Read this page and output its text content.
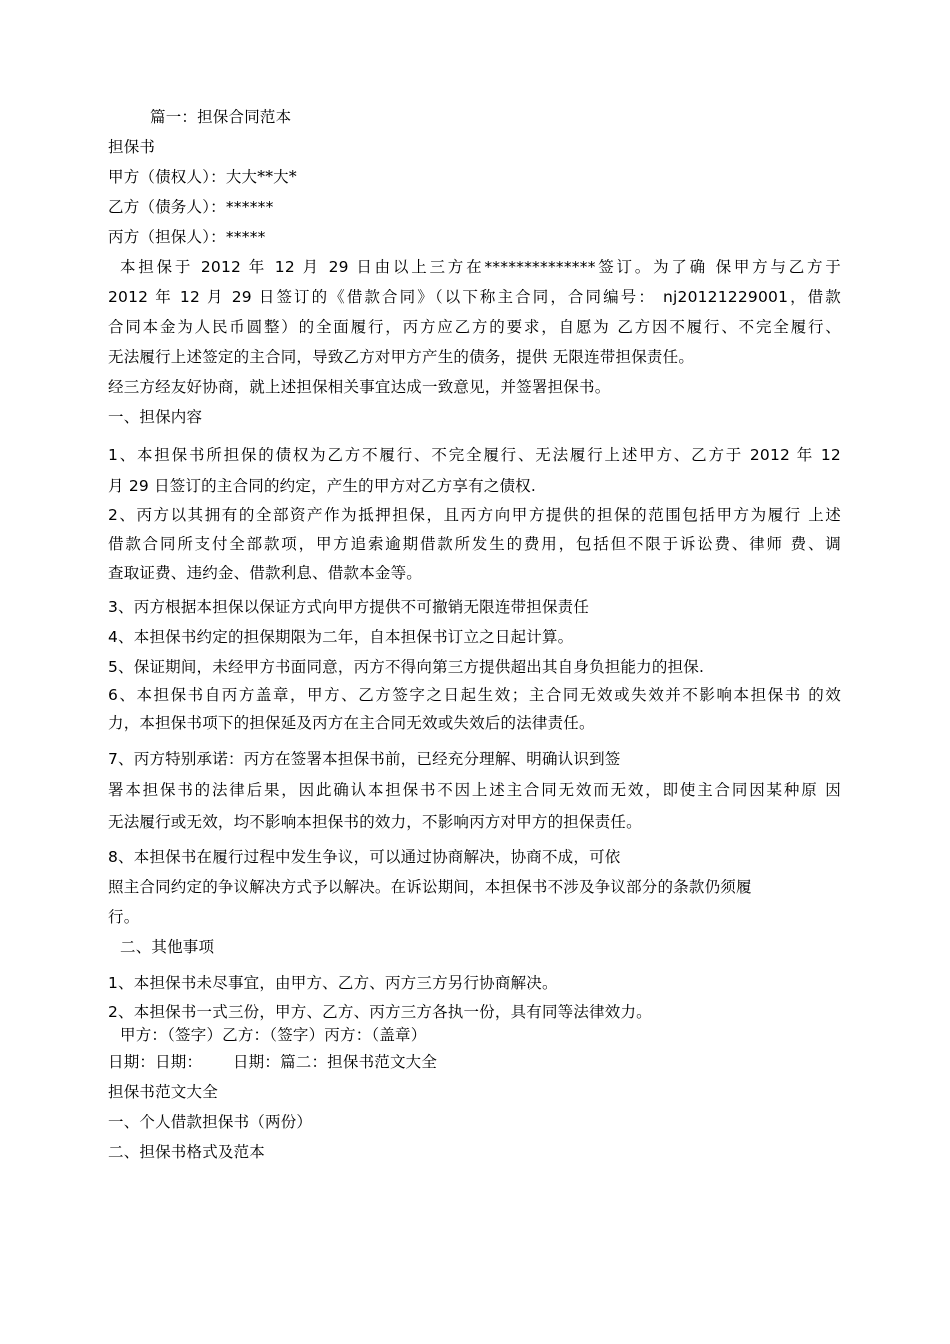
篇一：担保合同范本
担保书
甲方（债权人）：大大**大*
乙方（债务人）：******
丙方（担保人）：*****
本担保于 2012 年 12 月 29 日由以上三方在**************签订。为了确 保甲方与乙方于
2012 年 12 月 29 日签订的《借款合同》（以下称主合同，合同编号： nj20121229001，借款
合同本金为人民币圆整）的全面履行，丙方应乙方的要求，自愿为 乙方因不履行、不完全履行、
无法履行上述签定的主合同，导致乙方对甲方产生的债务，提供 无限连带担保责任。
经三方经友好协商，就上述担保相关事宜达成一致意见，并签署担保书。
一、担保内容
1、本担保书所担保的债权为乙方不履行、不完全履行、无法履行上述甲方、乙方于 2012 年 12
月 29 日签订的主合同的约定，产生的甲方对乙方享有之债权.
2、丙方以其拥有的全部资产作为抵押担保，且丙方向甲方提供的担保的范围包括甲方为履行 上述
借款合同所支付全部款项，甲方追索逾期借款所发生的费用，包括但不限于诉讼费、律师 费、调
查取证费、违约金、借款利息、借款本金等。
3、丙方根据本担保以保证方式向甲方提供不可撤销无限连带担保责任
4、本担保书约定的担保期限为二年，自本担保书订立之日起计算。
5、保证期间，未经甲方书面同意，丙方不得向第三方提供超出其自身负担能力的担保.
6、本担保书自丙方盖章，甲方、乙方签字之日起生效；主合同无效或失效并不影响本担保书 的效
力，本担保书项下的担保延及丙方在主合同无效或失效后的法律责任。
7、丙方特别承诺：丙方在签署本担保书前，已经充分理解、明确认识到签
署本担保书的法律后果，因此确认本担保书不因上述主合同无效而无效，即使主合同因某种原 因
无法履行或无效，均不影响本担保书的效力，不影响丙方对甲方的担保责任。
8、本担保书在履行过程中发生争议，可以通过协商解决，协商不成，可依
照主合同约定的争议解决方式予以解决。在诉讼期间，本担保书不涉及争议部分的条款仍须履
行。
二、其他事项
1、本担保书未尽事宜，由甲方、乙方、丙方三方另行协商解决。
2、本担保书一式三份，甲方、乙方、丙方三方各执一份，具有同等法律效力。
甲方：（签字）乙方：（签字）丙方：（盖章）
日期：日期：      日期：篇二：担保书范文大全
担保书范文大全
一、个人借款担保书（两份）
二、担保书格式及范本
